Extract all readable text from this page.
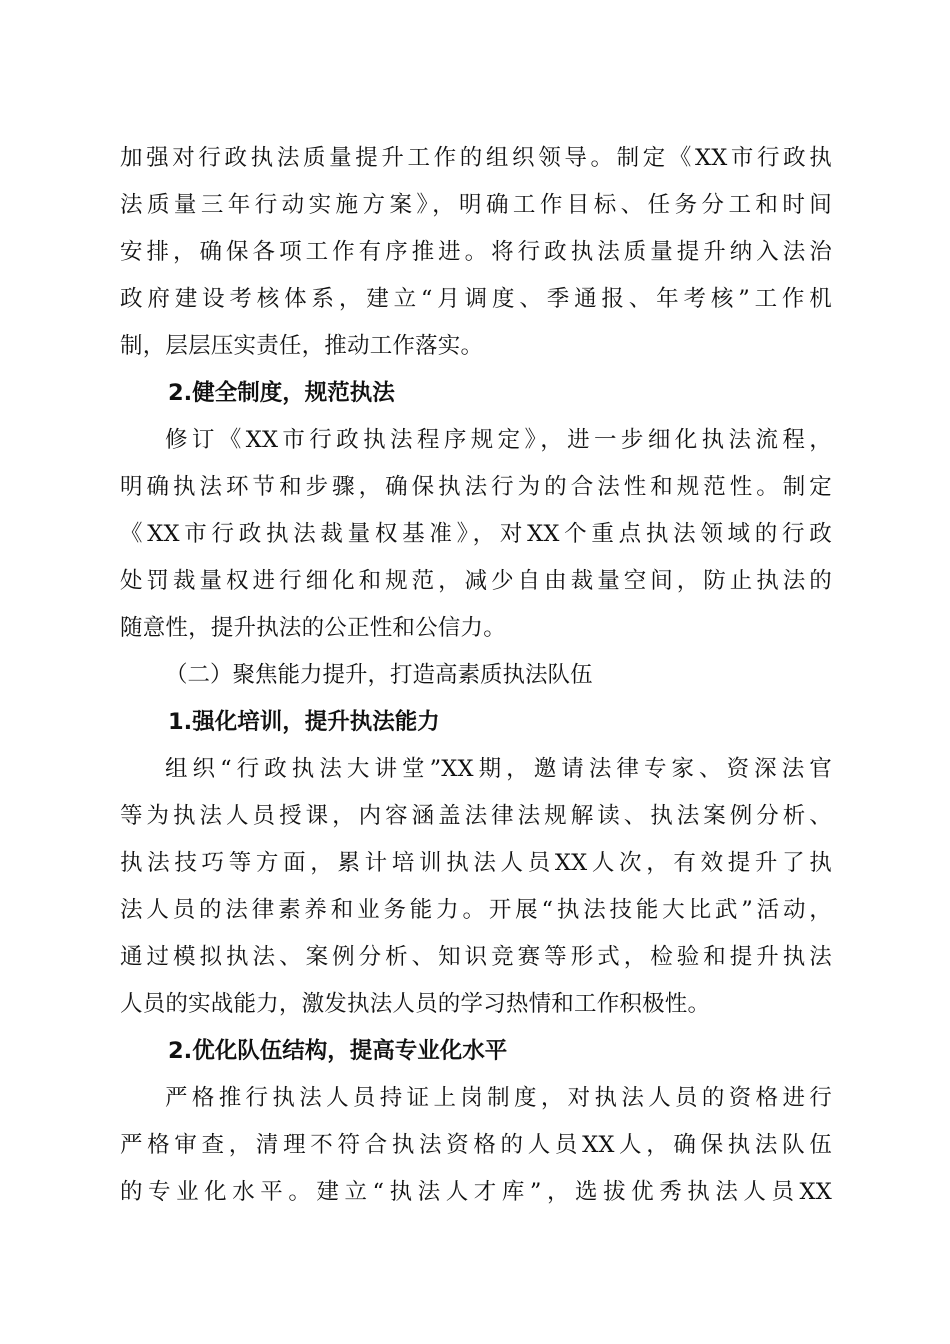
加强对行政执法质量提升工作的组织领导。制定《XX市行政执
法质量三年行动实施方案》，明确工作目标、任务分工和时间
安排，确保各项工作有序推进。将行政执法质量提升纳入法治
政府建设考核体系，建立“月调度、季通报、年考核”工作机
制，层层压实责任，推动工作落实。
2.健全制度，规范执法
修订《XX市行政执法程序规定》，进一步细化执法流程，
明确执法环节和步骤，确保执法行为的合法性和规范性。制定
《XX市行政执法裁量权基准》，对XX个重点执法领域的行政
处罚裁量权进行细化和规范，减少自由裁量空间，防止执法的
随意性，提升执法的公正性和公信力。
（二）聚焦能力提升，打造高素质执法队伍
1.强化培训，提升执法能力
组织“行政执法大讲堂”XX期，邀请法律专家、资深法官
等为执法人员授课，内容涵盖法律法规解读、执法案例分析、
执法技巧等方面，累计培训执法人员XX人次，有效提升了执
法人员的法律素养和业务能力。开展“执法技能大比武”活动，
通过模拟执法、案例分析、知识竞赛等形式，检验和提升执法
人员的实战能力，激发执法人员的学习热情和工作积极性。
2.优化队伍结构，提高专业化水平
严格推行执法人员持证上岗制度，对执法人员的资格进行
严格审查，清理不符合执法资格的人员XX人，确保执法队伍
的专业化水平。建立“执法人才库”，选拔优秀执法人员XX
